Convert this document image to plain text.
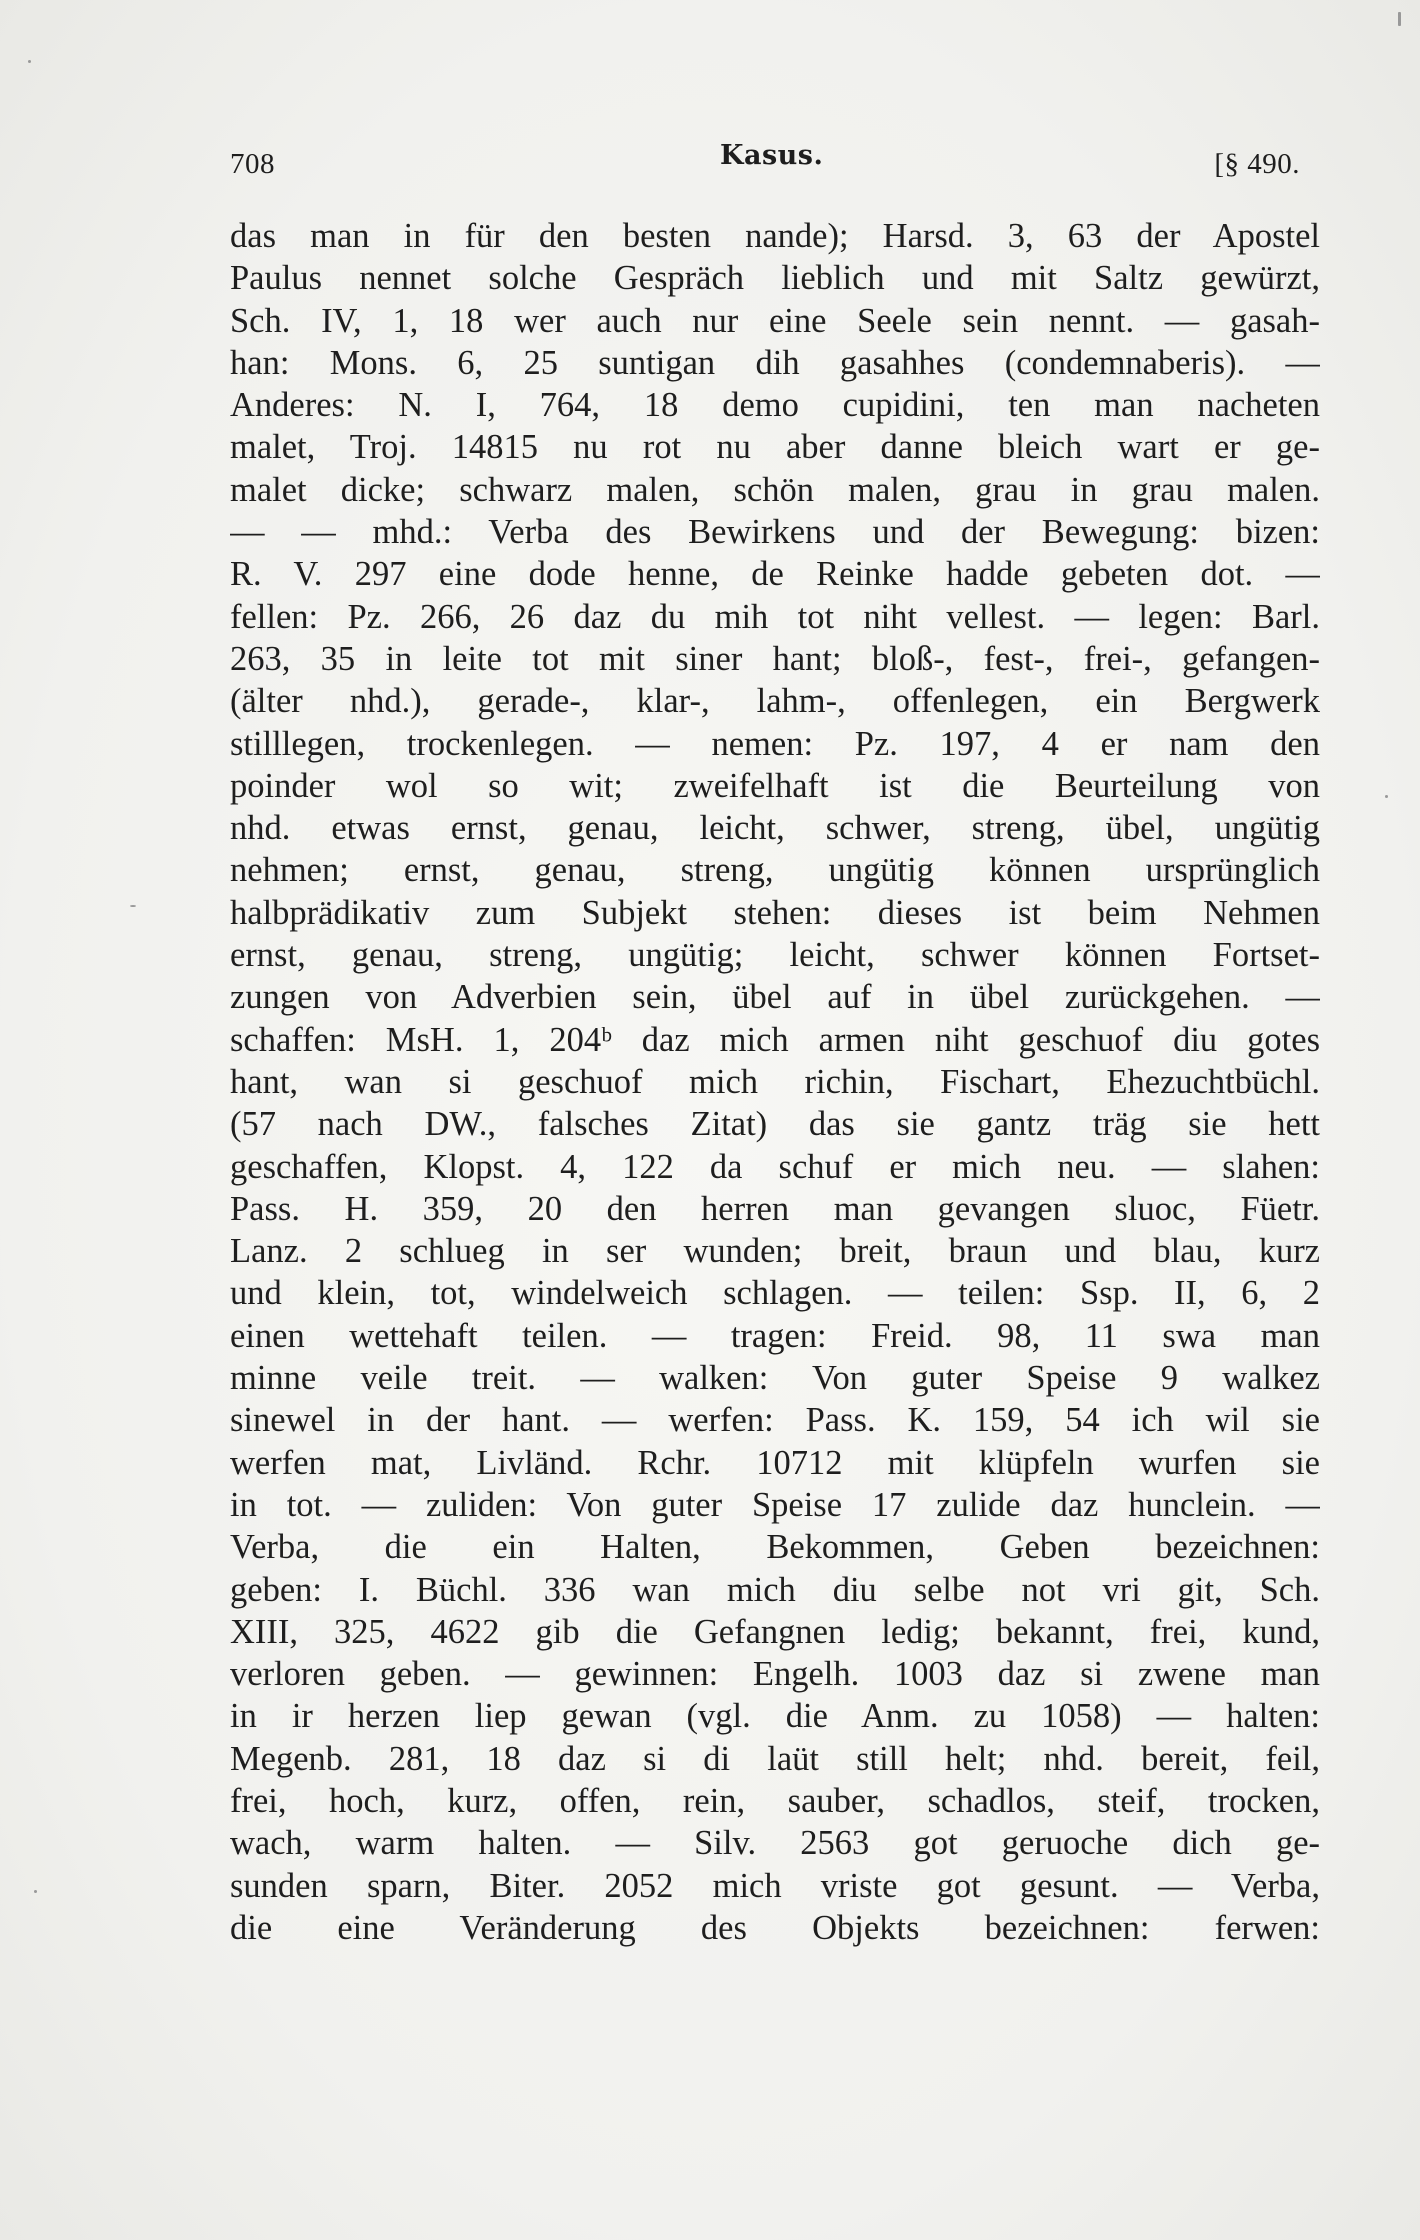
708	Kasus.	[§ 490.
das man in für den besten nande); Harsd. 3, 63 der Apostel
Paulus nennet solche Gespräch lieblich und mit Saltz gewürzt,
Sch. IV, 1, 18 wer auch nur eine Seele sein nennt. — gasah-
han: Mons. 6, 25 suntigan dih gasahhes (condemnaberis). —
Anderes: N. I, 764, 18 demo cupidini, ten man nacheten
malet, Troj. 14815 nu rot nu aber danne bleich wart er ge-
malet dicke; schwarz malen, schön malen, grau in grau malen.
— — mhd.: Verba des Bewirkens und der Bewegung: bizen:
R. V. 297 eine dode henne, de Reinke hadde gebeten dot. —
fellen: Pz. 266, 26 daz du mih tot niht vellest. — legen: Barl.
263, 35 in leite tot mit siner hant; bloß-, fest-, frei-, gefangen-
(älter nhd.), gerade-, klar-, lahm-, offenlegen, ein Bergwerk
stilllegen, trockenlegen. — nemen: Pz. 197, 4 er nam den
poinder wol so wit; zweifelhaft ist die Beurteilung von
nhd. etwas ernst, genau, leicht, schwer, streng, übel, ungütig
nehmen; ernst, genau, streng, ungütig können ursprünglich
halbprädikativ zum Subjekt stehen: dieses ist beim Nehmen
ernst, genau, streng, ungütig; leicht, schwer können Fortset-
zungen von Adverbien sein, übel auf in übel zurückgehen. —
schaffen: MsH. 1, 204ᵇ daz mich armen niht geschuof diu gotes
hant, wan si geschuof mich richin, Fischart, Ehezuchtbüchl.
(57 nach DW., falsches Zitat) das sie gantz träg sie hett
geschaffen, Klopst. 4, 122 da schuf er mich neu. — slahen:
Pass. H. 359, 20 den herren man gevangen sluoc, Füetr.
Lanz. 2 schlueg in ser wunden; breit, braun und blau, kurz
und klein, tot, windelweich schlagen. — teilen: Ssp. II, 6, 2
einen wettehaft teilen. — tragen: Freid. 98, 11 swa man
minne veile treit. — walken: Von guter Speise 9 walkez
sinewel in der hant. — werfen: Pass. K. 159, 54 ich wil sie
werfen mat, Livländ. Rchr. 10712 mit klüpfeln wurfen sie
in tot. — zuliden: Von guter Speise 17 zulide daz hunclein. —
Verba, die ein Halten, Bekommen, Geben bezeichnen:
geben: I. Büchl. 336 wan mich diu selbe not vri git, Sch.
XIII, 325, 4622 gib die Gefangnen ledig; bekannt, frei, kund,
verloren geben. — gewinnen: Engelh. 1003 daz si zwene man
in ir herzen liep gewan (vgl. die Anm. zu 1058) — halten:
Megenb. 281, 18 daz si di laüt still helt; nhd. bereit, feil,
frei, hoch, kurz, offen, rein, sauber, schadlos, steif, trocken,
wach, warm halten. — Silv. 2563 got geruoche dich ge-
sunden sparn, Biter. 2052 mich vriste got gesunt. — Verba,
die eine Veränderung des Objekts bezeichnen: ferwen:
